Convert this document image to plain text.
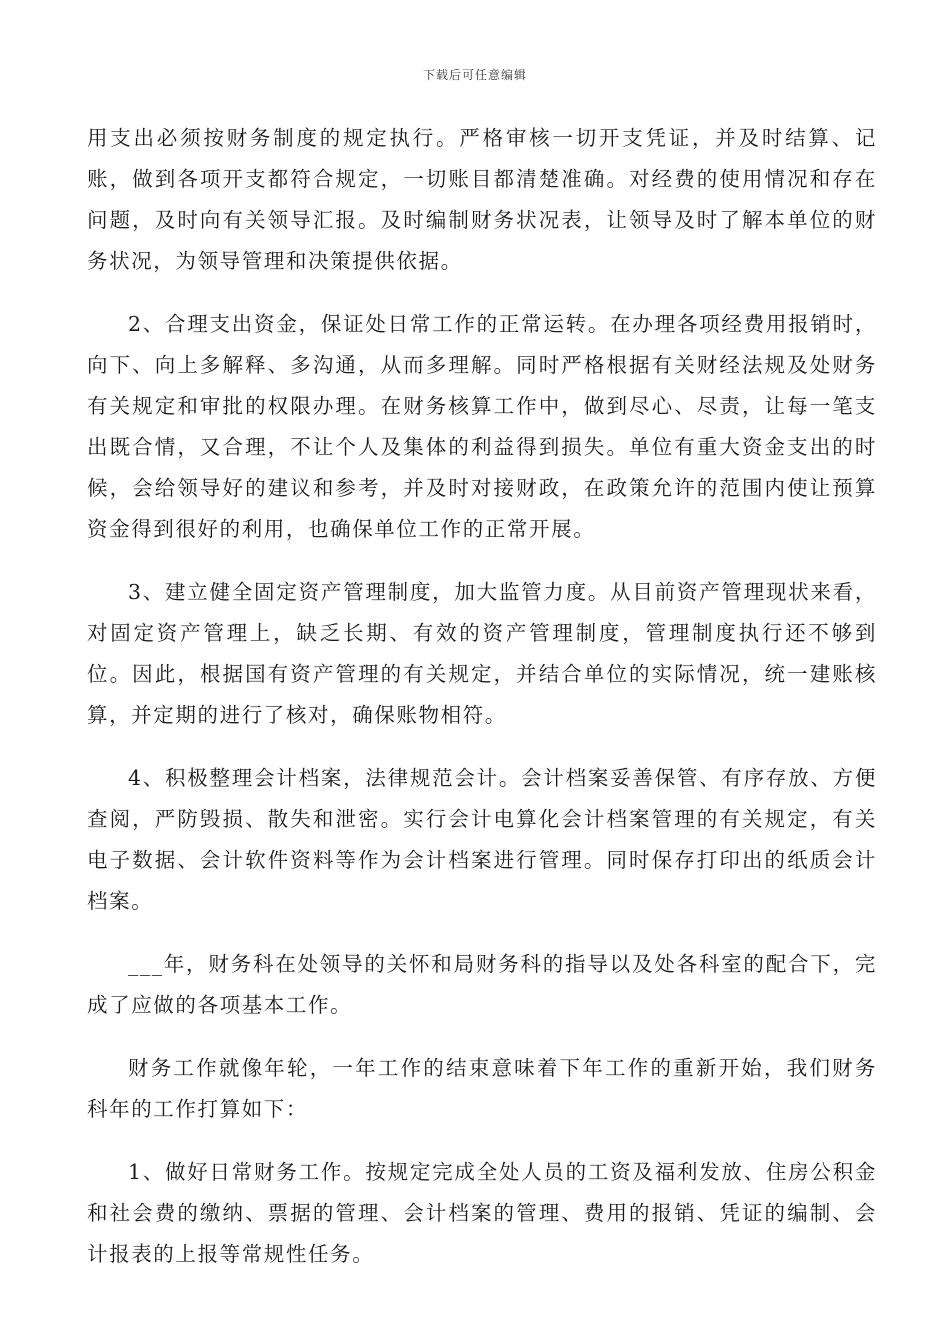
下载后可任意编辑

用支出必须按财务制度的规定执行。严格审核一切开支凭证，并及时结算、记账，做到各项开支都符合规定，一切账目都清楚准确。对经费的使用情况和存在问题，及时向有关领导汇报。及时编制财务状况表，让领导及时了解本单位的财务状况，为领导管理和决策提供依据。

2、合理支出资金，保证处日常工作的正常运转。在办理各项经费用报销时，向下、向上多解释、多沟通，从而多理解。同时严格根据有关财经法规及处财务有关规定和审批的权限办理。在财务核算工作中，做到尽心、尽责，让每一笔支出既合情，又合理，不让个人及集体的利益得到损失。单位有重大资金支出的时候，会给领导好的建议和参考，并及时对接财政，在政策允许的范围内使让预算资金得到很好的利用，也确保单位工作的正常开展。

3、建立健全固定资产管理制度，加大监管力度。从目前资产管理现状来看，对固定资产管理上，缺乏长期、有效的资产管理制度，管理制度执行还不够到位。因此，根据国有资产管理的有关规定，并结合单位的实际情况，统一建账核算，并定期的进行了核对，确保账物相符。

4、积极整理会计档案，法律规范会计。会计档案妥善保管、有序存放、方便查阅，严防毁损、散失和泄密。实行会计电算化会计档案管理的有关规定，有关电子数据、会计软件资料等作为会计档案进行管理。同时保存打印出的纸质会计档案。

___年，财务科在处领导的关怀和局财务科的指导以及处各科室的配合下，完成了应做的各项基本工作。

财务工作就像年轮，一年工作的结束意味着下年工作的重新开始，我们财务科年的工作打算如下：

1、做好日常财务工作。按规定完成全处人员的工资及福利发放、住房公积金和社会费的缴纳、票据的管理、会计档案的管理、费用的报销、凭证的编制、会计报表的上报等常规性任务。
